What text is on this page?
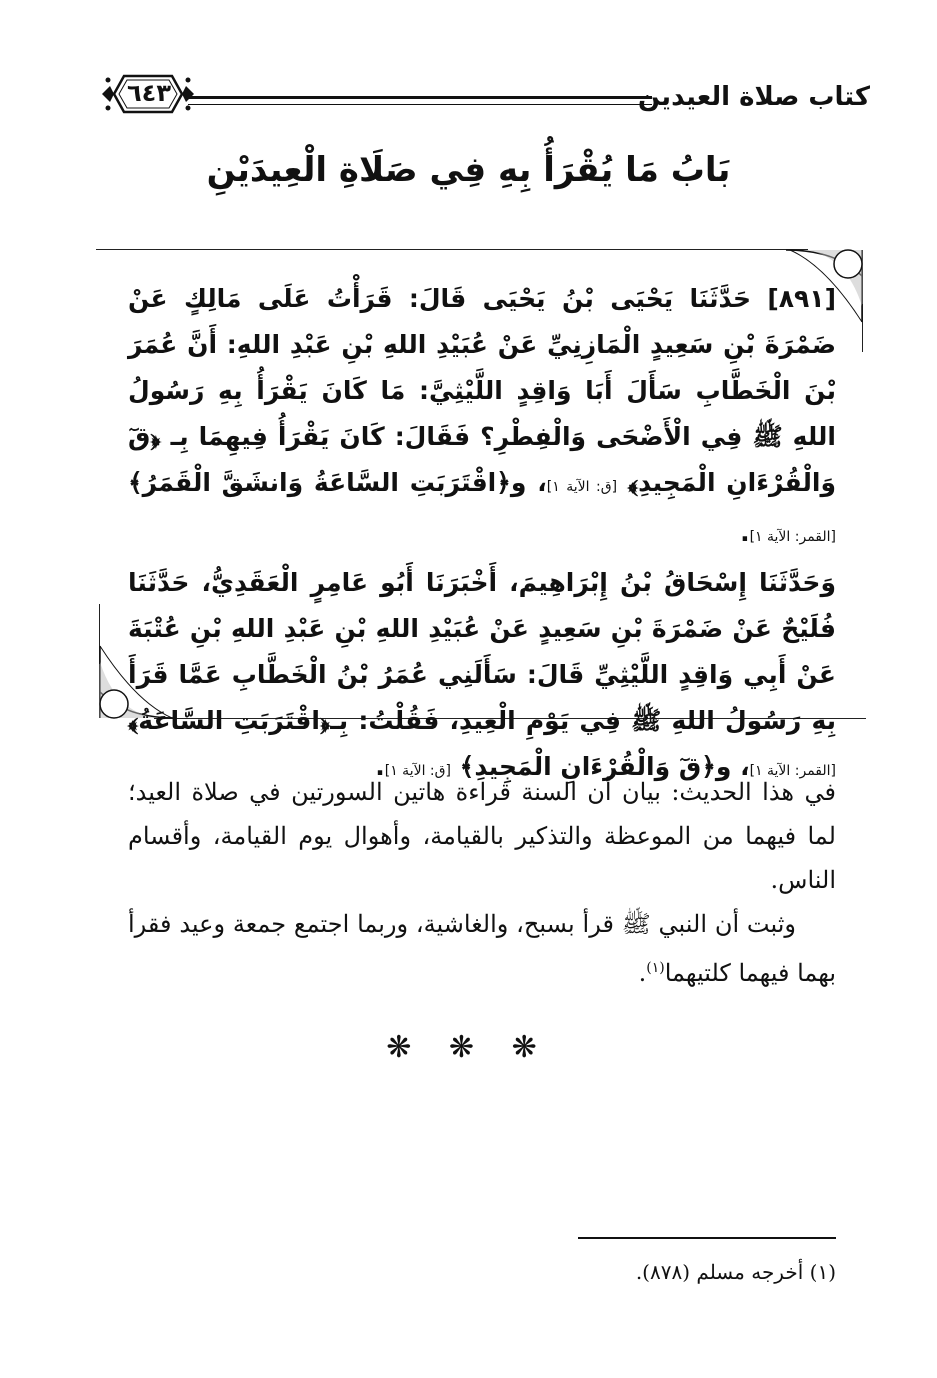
كتاب صلاة العيدين
٦٤٣
بَابُ مَا يُقْرَأُ بِهِ فِي صَلَاةِ الْعِيدَيْنِ

[٨٩١] حَدَّثَنَا يَحْيَى بْنُ يَحْيَى قَالَ: قَرَأْتُ عَلَى مَالِكٍ عَنْ ضَمْرَةَ بْنِ سَعِيدٍ الْمَازِنِيِّ عَنْ عُبَيْدِ اللهِ بْنِ عَبْدِ اللهِ: أَنَّ عُمَرَ بْنَ الْخَطَّابِ سَأَلَ أَبَا وَاقِدٍ اللَّيْثِيَّ: مَا كَانَ يَقْرَأُ بِهِ رَسُولُ اللهِ ﷺ فِي الْأَضْحَى وَالْفِطْرِ؟ فَقَالَ: كَانَ يَقْرَأُ فِيهِمَا بِـ ﴿قٓ وَالْقُرْءَانِ الْمَجِيدِ﴾ [ق: الآية ١]، و﴿اقْتَرَبَتِ السَّاعَةُ وَانشَقَّ الْقَمَرُ﴾ [القمر: الآية ١].

وَحَدَّثَنَا إِسْحَاقُ بْنُ إِبْرَاهِيمَ، أَخْبَرَنَا أَبُو عَامِرٍ الْعَقَدِيُّ، حَدَّثَنَا فُلَيْحٌ عَنْ ضَمْرَةَ بْنِ سَعِيدٍ عَنْ عُبَيْدِ اللهِ بْنِ عَبْدِ اللهِ بْنِ عُتْبَةَ عَنْ أَبِي وَاقِدٍ اللَّيْثِيِّ قَالَ: سَأَلَنِي عُمَرُ بْنُ الْخَطَّابِ عَمَّا قَرَأَ بِهِ رَسُولُ اللهِ ﷺ فِي يَوْمِ الْعِيدِ، فَقُلْتُ: بِـ﴿اقْتَرَبَتِ السَّاعَةُ﴾ [القمر: الآية ١]، و﴿قٓ وَالْقُرْءَانِ الْمَجِيدِ﴾ [ق: الآية ١].

في هذا الحديث: بيان أن السنة قراءة هاتين السورتين في صلاة العيد؛ لما فيهما من الموعظة والتذكير بالقيامة، وأهوال يوم القيامة، وأقسام الناس.

وثبت أن النبي ﷺ قرأ بسبح، والغاشية، وربما اجتمع جمعة وعيد فقرأ بهما فيهما كلتيهما$^{(١)}$.

❋ ❋ ❋
(١) أخرجه مسلم (٨٧٨).
